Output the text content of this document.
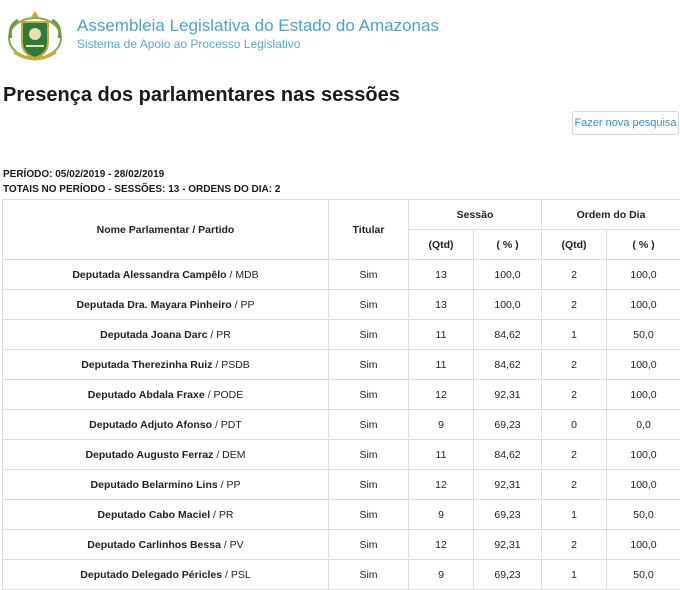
Assembleia Legislativa do Estado do Amazonas
Sistema de Apoio ao Processo Legislativo
Presença dos parlamentares nas sessões
Fazer nova pesquisa
PERÍODO: 05/02/2019 - 28/02/2019
TOTAIS NO PERÍODO - SESSÕES: 13 - ORDENS DO DIA: 2
Nome Parlamentar / Partido	Titular	Sessão		Ordem do Dia	
		(Qtd)	( % )	(Qtd)	( % )
Deputada Alessandra Campêlo / MDB	Sim	13	100,0	2	100,0
Deputada Dra. Mayara Pinheiro / PP	Sim	13	100,0	2	100,0
Deputada Joana Darc / PR	Sim	11	84,62	1	50,0
Deputada Therezinha Ruiz / PSDB	Sim	11	84,62	2	100,0
Deputado Abdala Fraxe / PODE	Sim	12	92,31	2	100,0
Deputado Adjuto Afonso / PDT	Sim	9	69,23	0	0,0
Deputado Augusto Ferraz / DEM	Sim	11	84,62	2	100,0
Deputado Belarmino Lins / PP	Sim	12	92,31	2	100,0
Deputado Cabo Maciel / PR	Sim	9	69,23	1	50,0
Deputado Carlinhos Bessa / PV	Sim	12	92,31	2	100,0
Deputado Delegado Péricles / PSL	Sim	9	69,23	1	50,0
